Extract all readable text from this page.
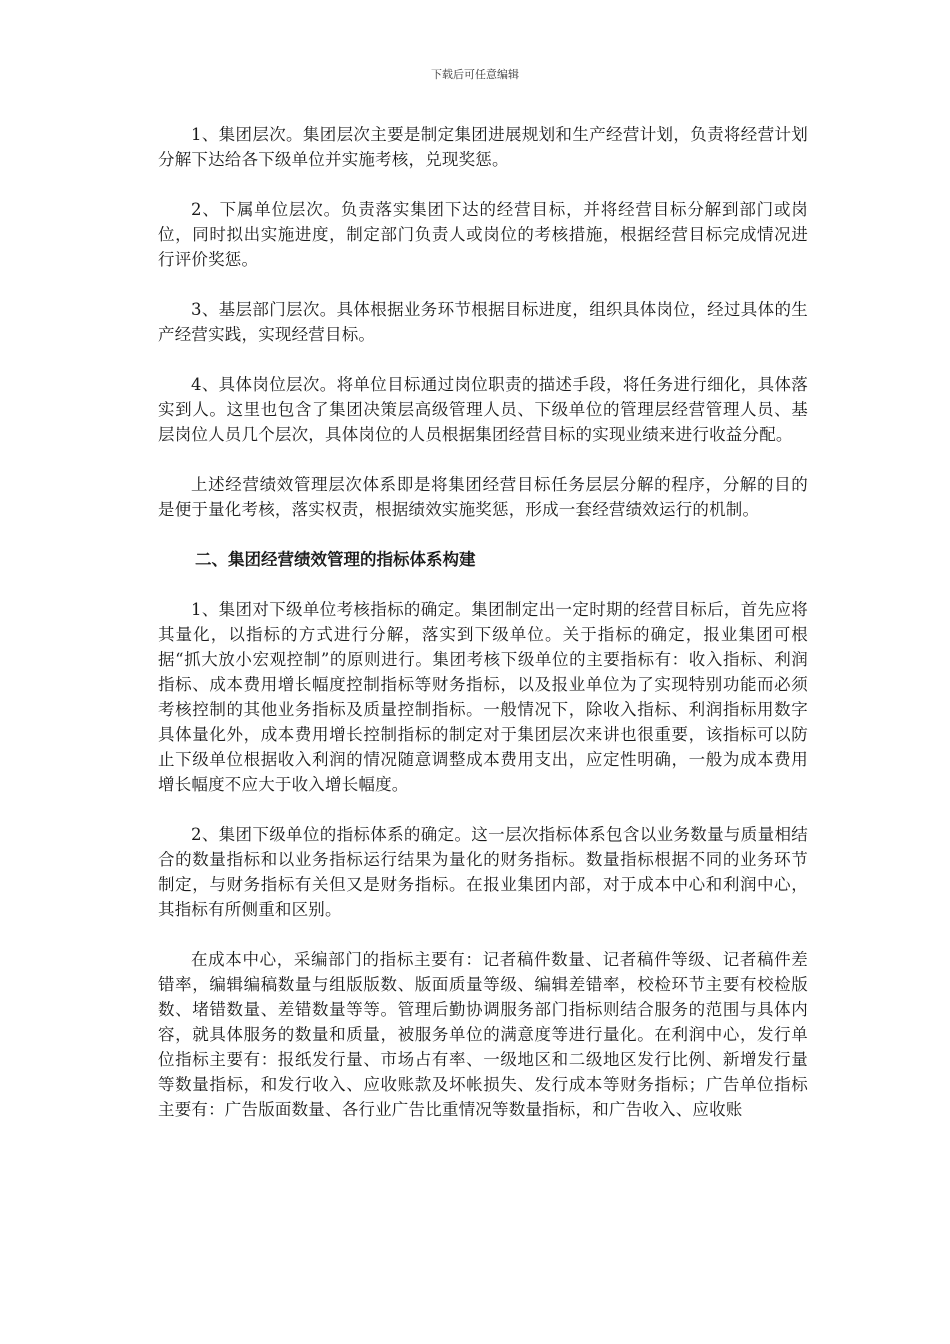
下载后可任意编辑

1、集团层次。集团层次主要是制定集团进展规划和生产经营计划，负责将经营计划分解下达给各下级单位并实施考核，兑现奖惩。

2、下属单位层次。负责落实集团下达的经营目标，并将经营目标分解到部门或岗位，同时拟出实施进度，制定部门负责人或岗位的考核措施，根据经营目标完成情况进行评价奖惩。

3、基层部门层次。具体根据业务环节根据目标进度，组织具体岗位，经过具体的生产经营实践，实现经营目标。

4、具体岗位层次。将单位目标通过岗位职责的描述手段，将任务进行细化，具体落实到人。这里也包含了集团决策层高级管理人员、下级单位的管理层经营管理人员、基层岗位人员几个层次，具体岗位的人员根据集团经营目标的实现业绩来进行收益分配。

上述经营绩效管理层次体系即是将集团经营目标任务层层分解的程序，分解的目的是便于量化考核，落实权责，根据绩效实施奖惩，形成一套经营绩效运行的机制。

二、集团经营绩效管理的指标体系构建

1、集团对下级单位考核指标的确定。集团制定出一定时期的经营目标后，首先应将其量化，以指标的方式进行分解，落实到下级单位。关于指标的确定，报业集团可根据“抓大放小宏观控制”的原则进行。集团考核下级单位的主要指标有：收入指标、利润指标、成本费用增长幅度控制指标等财务指标，以及报业单位为了实现特别功能而必须考核控制的其他业务指标及质量控制指标。一般情况下，除收入指标、利润指标用数字具体量化外，成本费用增长控制指标的制定对于集团层次来讲也很重要，该指标可以防止下级单位根据收入利润的情况随意调整成本费用支出，应定性明确，一般为成本费用增长幅度不应大于收入增长幅度。

2、集团下级单位的指标体系的确定。这一层次指标体系包含以业务数量与质量相结合的数量指标和以业务指标运行结果为量化的财务指标。数量指标根据不同的业务环节制定，与财务指标有关但又是财务指标。在报业集团内部，对于成本中心和利润中心，其指标有所侧重和区别。

在成本中心，采编部门的指标主要有：记者稿件数量、记者稿件等级、记者稿件差错率，编辑编稿数量与组版版数、版面质量等级、编辑差错率，校检环节主要有校检版数、堵错数量、差错数量等等。管理后勤协调服务部门指标则结合服务的范围与具体内容，就具体服务的数量和质量，被服务单位的满意度等进行量化。在利润中心，发行单位指标主要有：报纸发行量、市场占有率、一级地区和二级地区发行比例、新增发行量等数量指标，和发行收入、应收账款及坏帐损失、发行成本等财务指标；广告单位指标主要有：广告版面数量、各行业广告比重情况等数量指标，和广告收入、应收账
